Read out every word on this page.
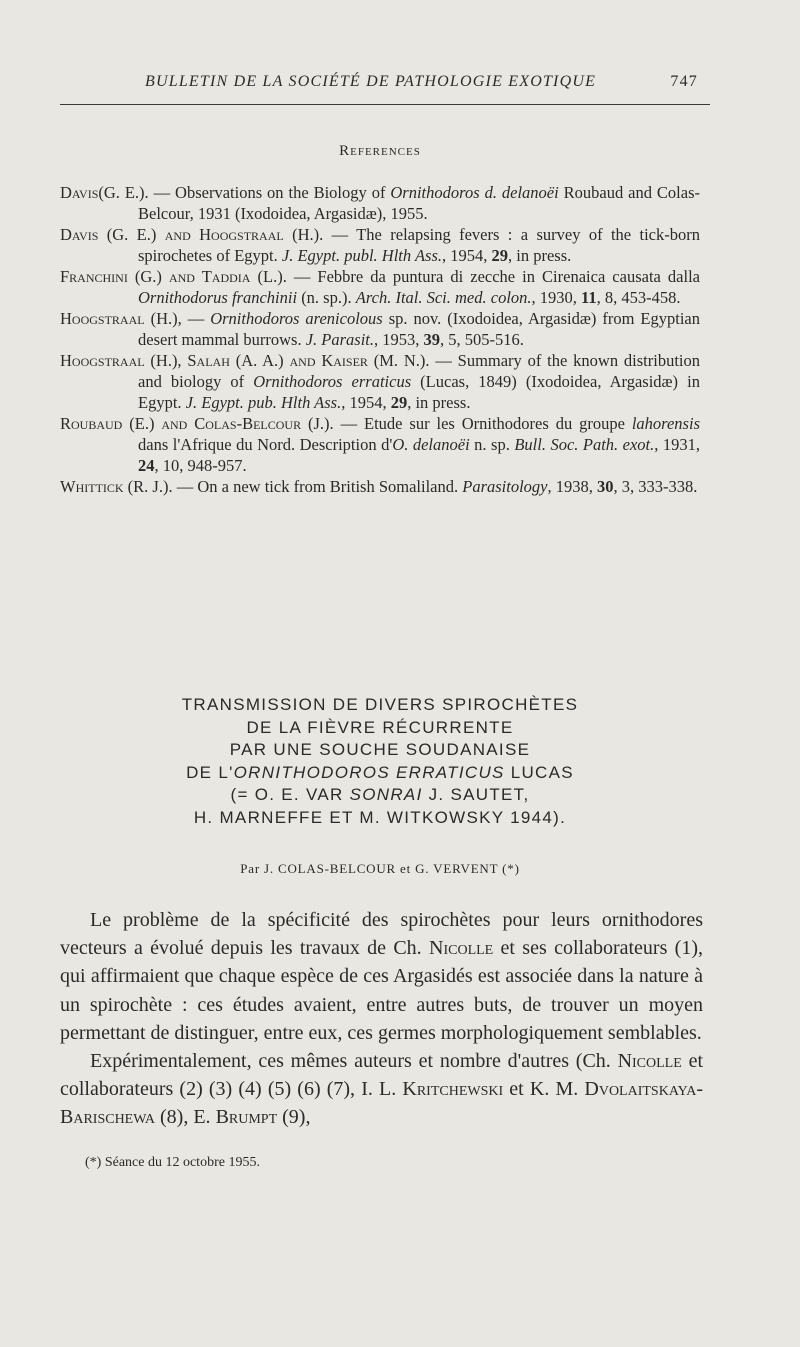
BULLETIN DE LA SOCIÉTÉ DE PATHOLOGIE EXOTIQUE	747
References

Davis(G. E.). — Observations on the Biology of Ornithodoros d. delanoëi Roubaud and Colas-Belcour, 1931 (Ixodoidea, Argasidæ), 1955.

Davis (G. E.) and Hoogstraal (H.). — The relapsing fevers : a survey of the tick-born spirochetes of Egypt. J. Egypt. publ. Hlth Ass., 1954, 29, in press.

Franchini (G.) and Taddia (L.). — Febbre da puntura di zecche in Cirenaica causata dalla Ornithodorus franchinii (n. sp.). Arch. Ital. Sci. med. colon., 1930, 11, 8, 453-458.

Hoogstraal (H.), — Ornithodoros arenicolous sp. nov. (Ixodoidea, Argasidæ) from Egyptian desert mammal burrows. J. Parasit., 1953, 39, 5, 505-516.

Hoogstraal (H.), Salah (A. A.) and Kaiser (M. N.). — Summary of the known distribution and biology of Ornithodoros erraticus (Lucas, 1849) (Ixodoidea, Argasidæ) in Egypt. J. Egypt. pub. Hlth Ass., 1954, 29, in press.

Roubaud (E.) and Colas-Belcour (J.). — Etude sur les Ornithodores du groupe lahorensis dans l'Afrique du Nord. Description d'O. delanoëi n. sp. Bull. Soc. Path. exot., 1931, 24, 10, 948-957.

Whittick (R. J.). — On a new tick from British Somaliland. Parasitology, 1938, 30, 3, 333-338.

TRANSMISSION DE DIVERS SPIROCHÈTES
DE LA FIÈVRE RÉCURRENTE
PAR UNE SOUCHE SOUDANAISE
DE L'ORNITHODOROS ERRATICUS LUCAS
(= O. E. VAR SONRAI J. SAUTET,
H. MARNEFFE ET M. WITKOWSKY 1944).
Par J. COLAS-BELCOUR et G. VERVENT (*)

Le problème de la spécificité des spirochètes pour leurs ornithodores vecteurs a évolué depuis les travaux de Ch. Nicolle et ses collaborateurs (1), qui affirmaient que chaque espèce de ces Argasidés est associée dans la nature à un spirochète : ces études avaient, entre autres buts, de trouver un moyen permettant de distinguer, entre eux, ces germes morphologiquement semblables.

Expérimentalement, ces mêmes auteurs et nombre d'autres (Ch. Nicolle et collaborateurs (2) (3) (4) (5) (6) (7), I. L. Kritchewski et K. M. Dvolaitskaya-Barischewa (8), E. Brumpt (9),

(*) Séance du 12 octobre 1955.
